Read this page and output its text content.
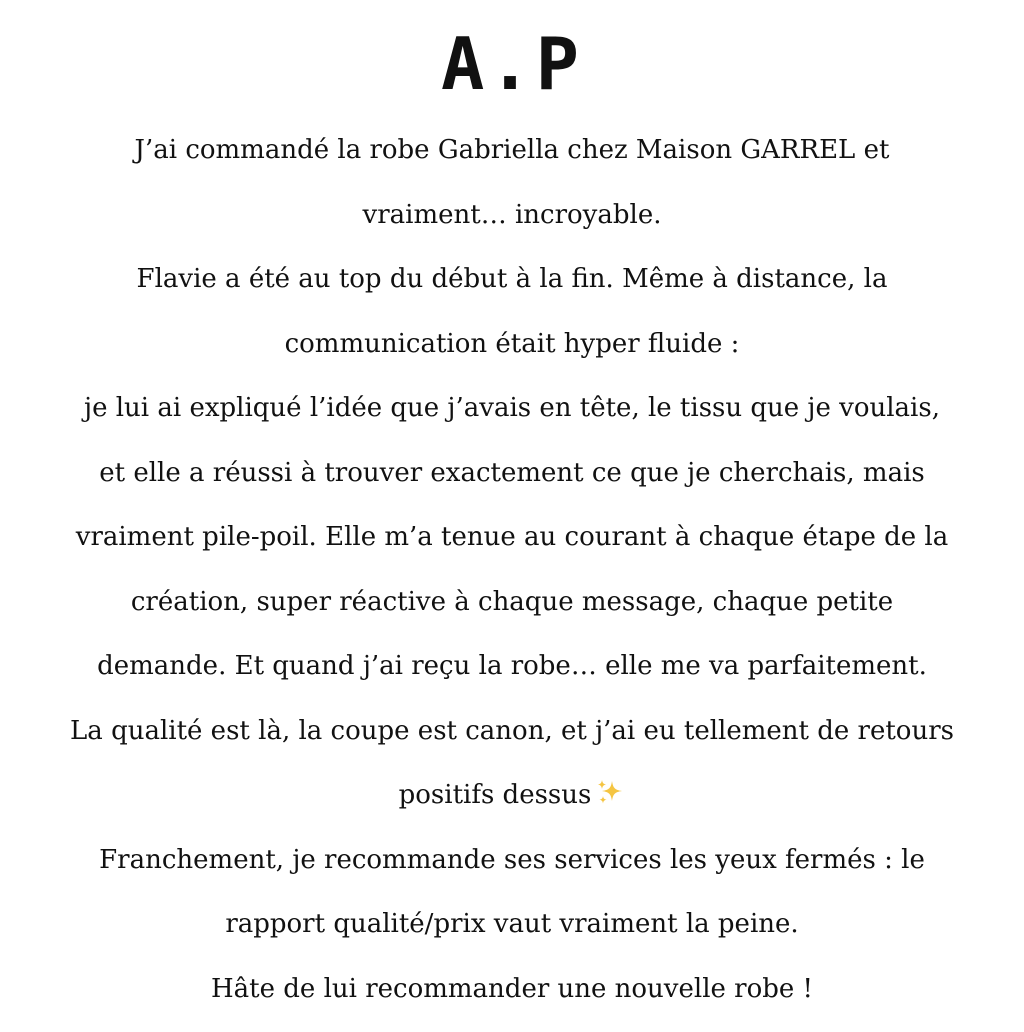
A.P
J’ai commandé la robe Gabriella chez Maison GARREL et
vraiment… incroyable.
Flavie a été au top du début à la fin. Même à distance, la
communication était hyper fluide :
je lui ai expliqué l’idée que j’avais en tête, le tissu que je voulais,
et elle a réussi à trouver exactement ce que je cherchais, mais
vraiment pile-poil. Elle m’a tenue au courant à chaque étape de la
création, super réactive à chaque message, chaque petite
demande. Et quand j’ai reçu la robe… elle me va parfaitement.
La qualité est là, la coupe est canon, et j’ai eu tellement de retours
positifs dessus
Franchement, je recommande ses services les yeux fermés : le
rapport qualité/prix vaut vraiment la peine.
Hâte de lui recommander une nouvelle robe !
